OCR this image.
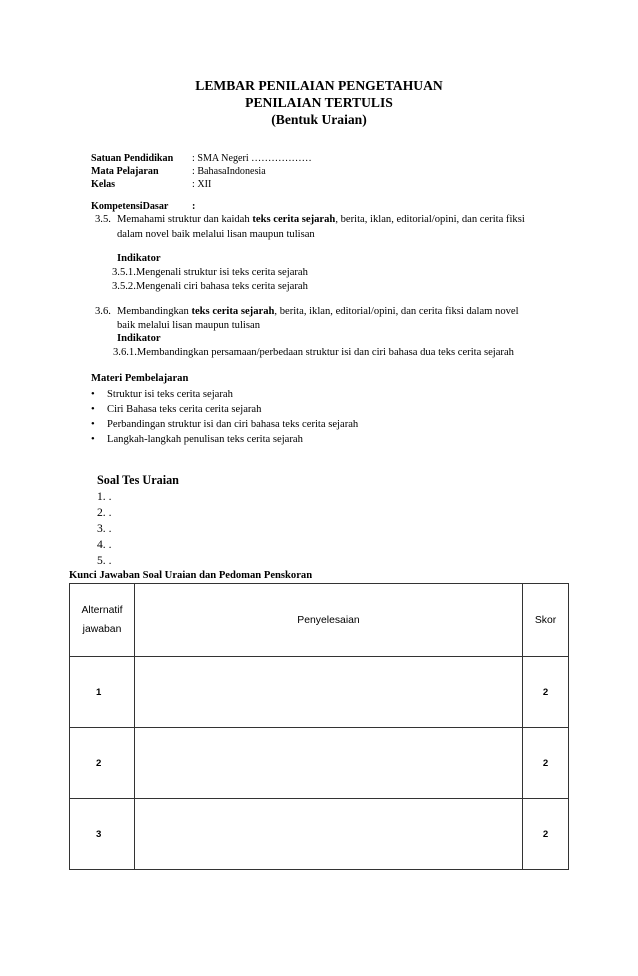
LEMBAR PENILAIAN PENGETAHUAN
PENILAIAN TERTULIS
(Bentuk Uraian)
Satuan Pendidikan : SMA Negeri ………………
Mata Pelajaran	: BahasaIndonesia
Kelas	: XII
KompetensiDasar :
3.5. Memahami struktur dan kaidah teks cerita sejarah, berita, iklan, editorial/opini, dan cerita fiksi
dalam novel baik melalui lisan maupun tulisan
Indikator
3.5.1.Mengenali struktur isi teks cerita sejarah
3.5.2.Mengenali ciri bahasa teks cerita sejarah
3.6. Membandingkan teks cerita sejarah, berita, iklan, editorial/opini, dan cerita fiksi dalam novel
baik melalui lisan maupun tulisan
Indikator
3.6.1.Membandingkan persamaan/perbedaan struktur isi dan ciri bahasa dua teks cerita sejarah
Materi Pembelajaran
• Struktur isi teks cerita sejarah
• Ciri Bahasa teks cerita cerita sejarah
• Perbandingan struktur isi dan ciri bahasa teks cerita sejarah
• Langkah-langkah penulisan teks cerita sejarah
Soal Tes Uraian
1. .
2. .
3. .
4. .
5. .
Kunci Jawaban Soal Uraian dan Pedoman Penskoran
Alternatif
jawaban	Penyelesaian	Skor
1		2
2		2
3		2
